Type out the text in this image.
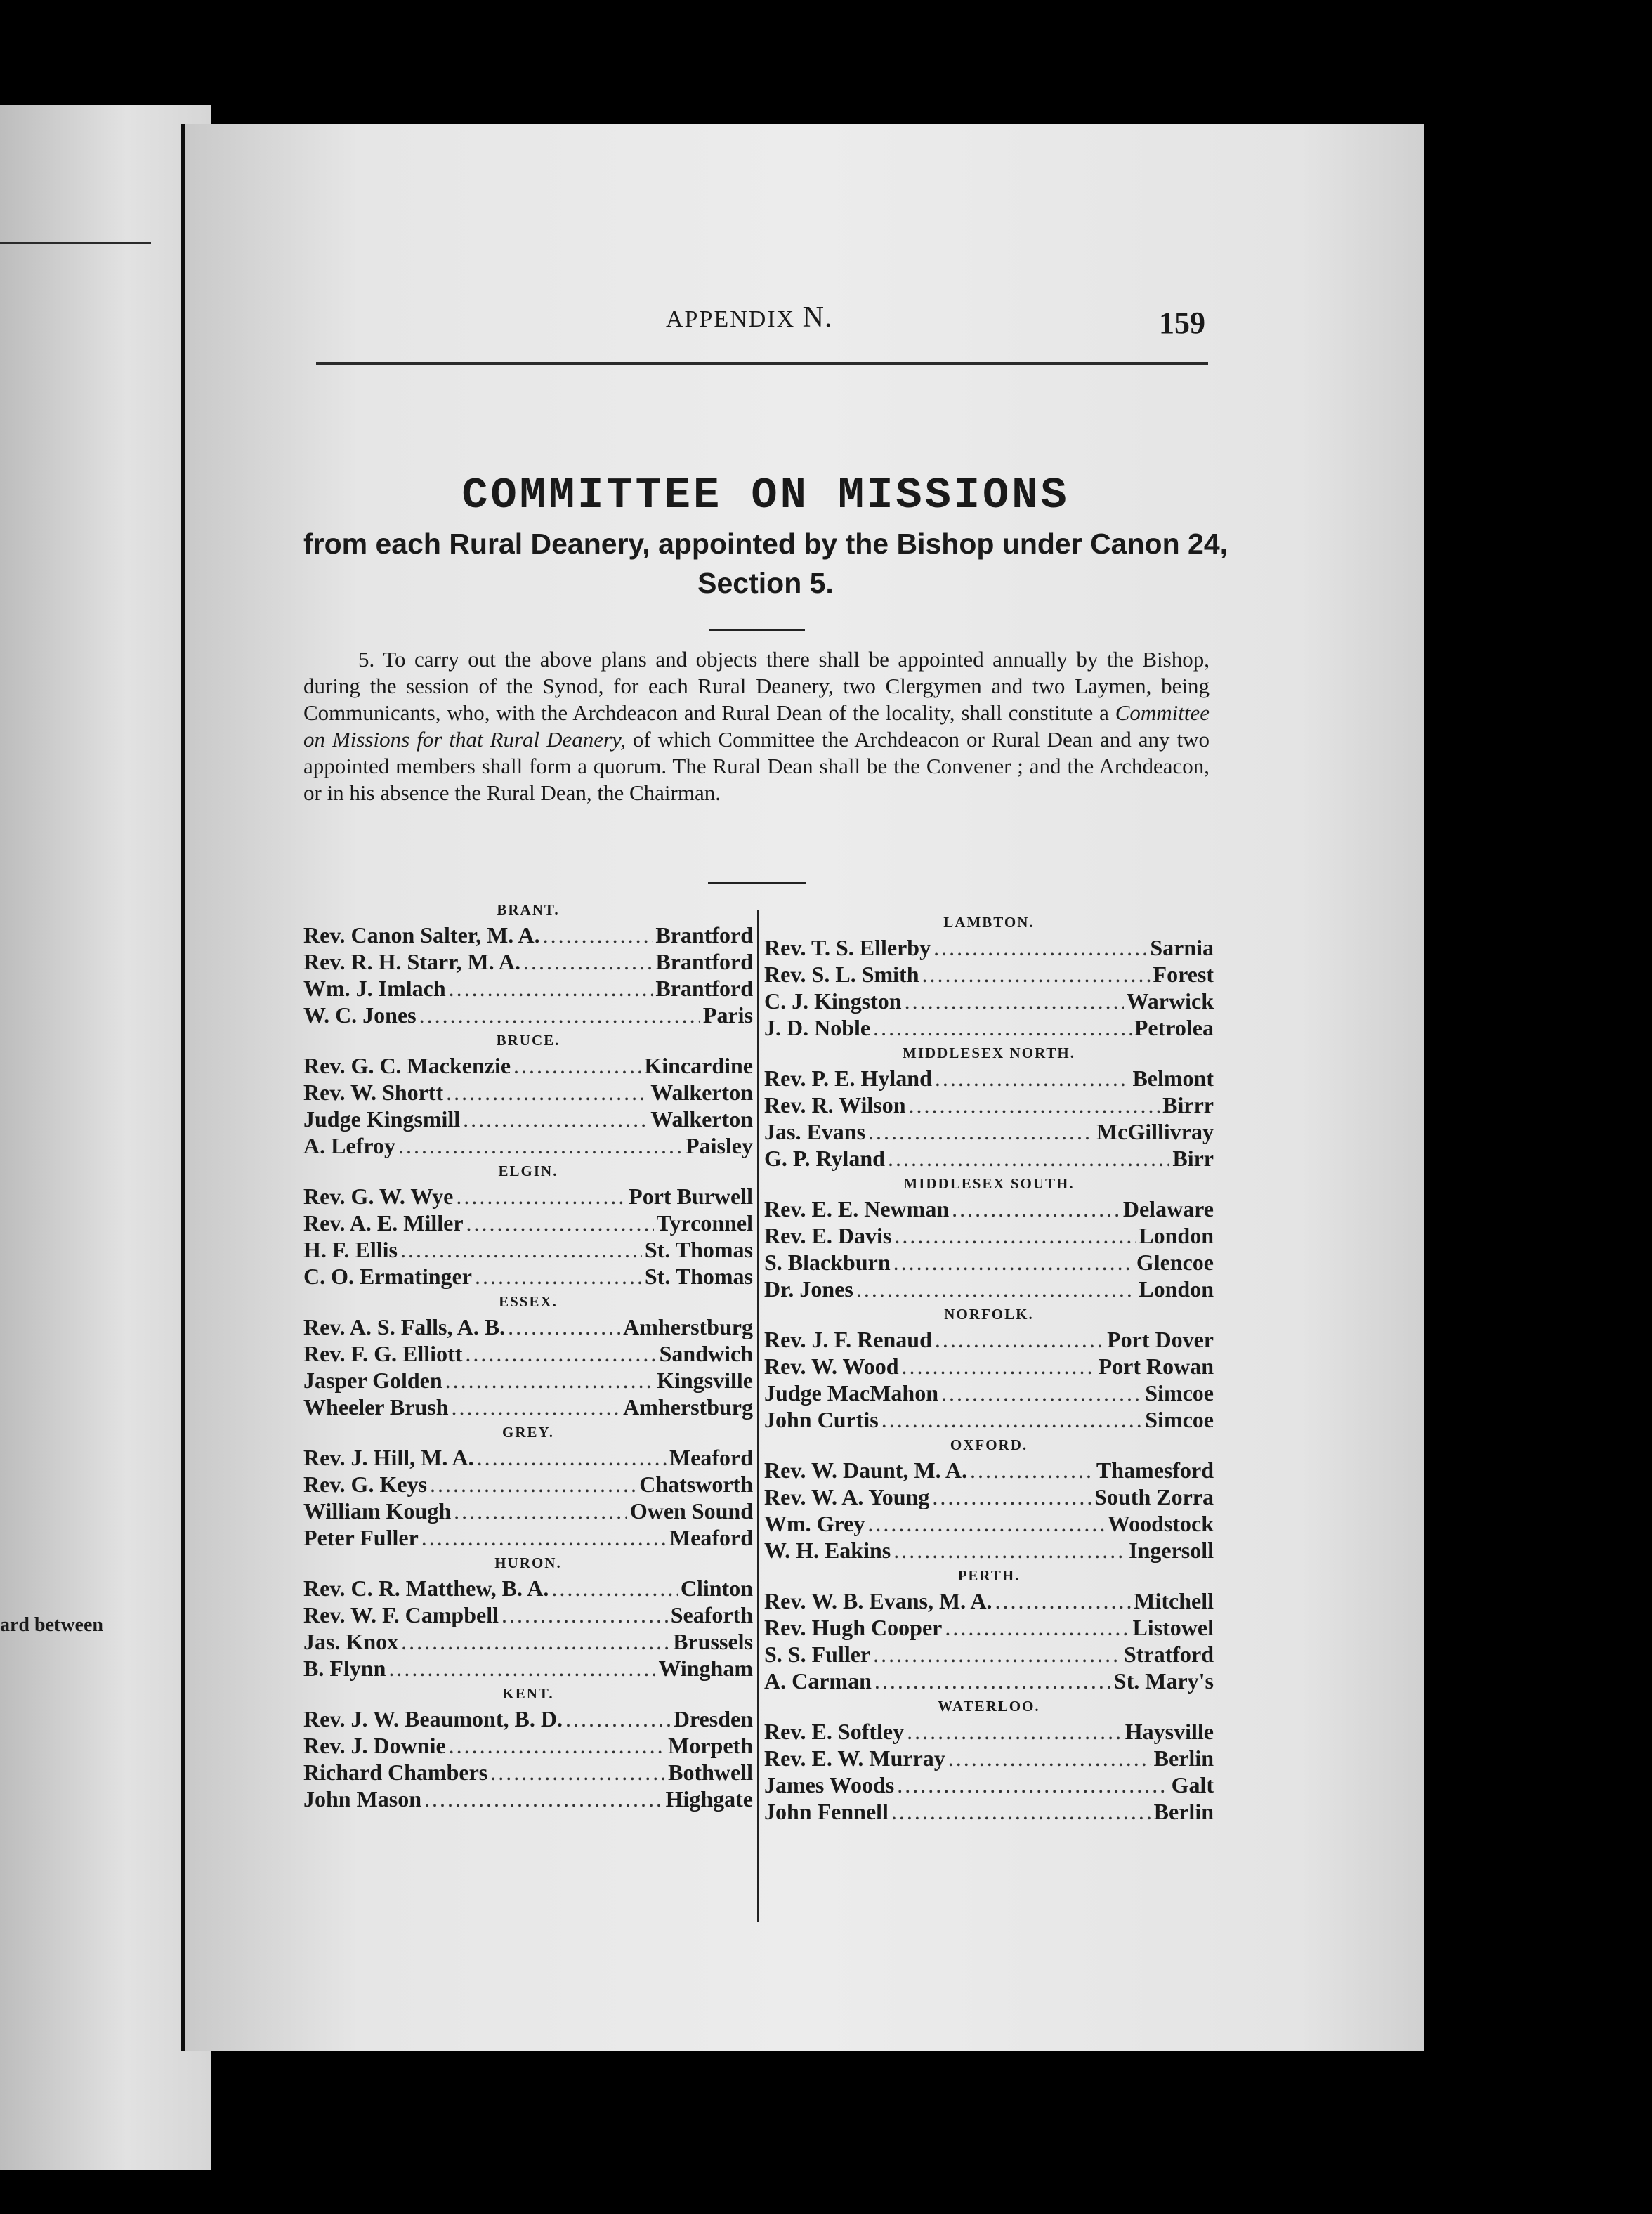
ard between
APPENDIX N.	159
COMMITTEE ON MISSIONS
from each Rural Deanery, appointed by the Bishop under Canon 24, Section 5.
5. To carry out the above plans and objects there shall be appointed annually by the Bishop, during the session of the Synod, for each Rural Deanery, two Clergymen and two Laymen, being Communicants, who, with the Archdeacon and Rural Dean of the locality, shall constitute a Committee on Missions for that Rural Deanery, of which Committee the Archdeacon or Rural Dean and any two appointed members shall form a quorum. The Rural Dean shall be the Convener ; and the Archdeacon, or in his absence the Rural Dean, the Chairman.
BRANT.
Rev. Canon Salter, M. A. .....	Brantford
Rev. R. H. Starr, M. A. .....	Brantford
Wm. J. Imlach .....	Brantford
W. C. Jones .....	Paris
BRUCE.
Rev. G. C. Mackenzie .....	Kincardine
Rev. W. Shortt .....	Walkerton
Judge Kingsmill .....	Walkerton
A. Lefroy .....	Paisley
ELGIN.
Rev. G. W. Wye .....	Port Burwell
Rev. A. E. Miller .....	Tyrconnel
H. F. Ellis .....	St. Thomas
C. O. Ermatinger .....	St. Thomas
ESSEX.
Rev. A. S. Falls, A. B. .....	Amherstburg
Rev. F. G. Elliott .....	Sandwich
Jasper Golden .....	Kingsville
Wheeler Brush .....	Amherstburg
GREY.
Rev. J. Hill, M. A. .....	Meaford
Rev. G. Keys .....	Chatsworth
William Kough .....	Owen Sound
Peter Fuller .....	Meaford
HURON.
Rev. C. R. Matthew, B. A. .....	Clinton
Rev. W. F. Campbell .....	Seaforth
Jas. Knox .....	Brussels
B. Flynn .....	Wingham
KENT.
Rev. J. W. Beaumont, B. D. .....	Dresden
Rev. J. Downie .....	Morpeth
Richard Chambers .....	Bothwell
John Mason .....	Highgate
LAMBTON.
Rev. T. S. Ellerby .....	Sarnia
Rev. S. L. Smith .....	Forest
C. J. Kingston .....	Warwick
J. D. Noble .....	Petrolea
MIDDLESEX NORTH.
Rev. P. E. Hyland .....	Belmont
Rev. R. Wilson .....	Birrr
Jas. Evans .....	McGillivray
G. P. Ryland .....	Birr
MIDDLESEX SOUTH.
Rev. E. E. Newman .....	Delaware
Rev. E. Davis .....	London
S. Blackburn .....	Glencoe
Dr. Jones .....	London
NORFOLK.
Rev. J. F. Renaud .....	Port Dover
Rev. W. Wood .....	Port Rowan
Judge MacMahon .....	Simcoe
John Curtis .....	Simcoe
OXFORD.
Rev. W. Daunt, M. A. .....	Thamesford
Rev. W. A. Young .....	South Zorra
Wm. Grey .....	Woodstock
W. H. Eakins .....	Ingersoll
PERTH.
Rev. W. B. Evans, M. A. .....	Mitchell
Rev. Hugh Cooper .....	Listowel
S. S. Fuller .....	Stratford
A. Carman .....	St. Mary's
WATERLOO.
Rev. E. Softley .....	Haysville
Rev. E. W. Murray .....	Berlin
James Woods .....	Galt
John Fennell .....	Berlin
